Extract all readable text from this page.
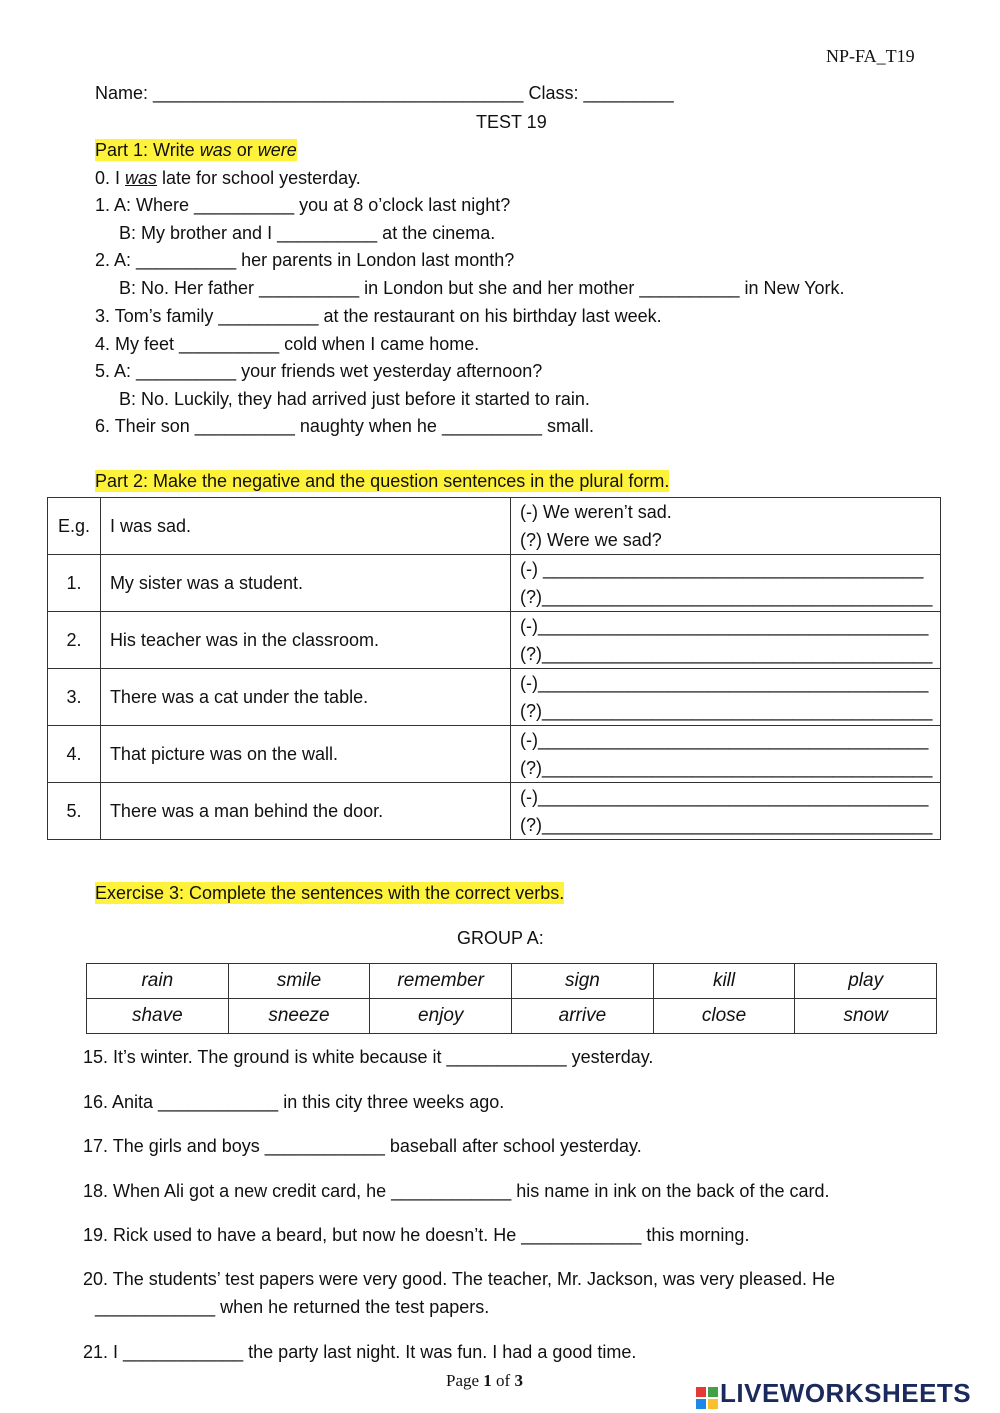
NP-FA_T19
Name: _____________________________________ Class: _________
TEST 19
Part 1: Write was or were
0. I was late for school yesterday.
1. A: Where __________ you at 8 o’clock last night?
B: My brother and I __________ at the cinema.
2. A: __________ her parents in London last month?
B: No. Her father __________ in London but she and her mother __________ in New York.
3. Tom’s family __________ at the restaurant on his birthday last week.
4. My feet __________ cold when I came home.
5. A: __________ your friends wet yesterday afternoon?
B: No. Luckily, they had arrived just before it started to rain.
6. Their son __________ naughty when he __________ small.
Part 2: Make the negative and the question sentences in the plural form.
E.g.	I was sad.	(-) We weren’t sad.
(?) Were we sad?

1.	My sister was a student.	(-) ______________________________________
(?)_______________________________________

2.	His teacher was in the classroom.	(-)_______________________________________
(?)_______________________________________

3.	There was a cat under the table.	(-)_______________________________________
(?)_______________________________________

4.	That picture was on the wall.	(-)_______________________________________
(?)_______________________________________

5.	There was a man behind the door.	(-)_______________________________________
(?)_______________________________________
Exercise 3: Complete the sentences with the correct verbs.
GROUP A:
rain	smile	remember	sign	kill	play
shave	sneeze	enjoy	arrive	close	snow
15. It’s winter. The ground is white because it ____________ yesterday.
16. Anita ____________ in this city three weeks ago.
17. The girls and boys ____________ baseball after school yesterday.
18. When Ali got a new credit card, he ____________ his name in ink on the back of the card.
19. Rick used to have a beard, but now he doesn’t. He ____________ this morning.
20. The students’ test papers were very good. The teacher, Mr. Jackson, was very pleased. He
____________ when he returned the test papers.
21. I ____________ the party last night. It was fun. I had a good time.
Page 1 of 3	LIVEWORKSHEETS
